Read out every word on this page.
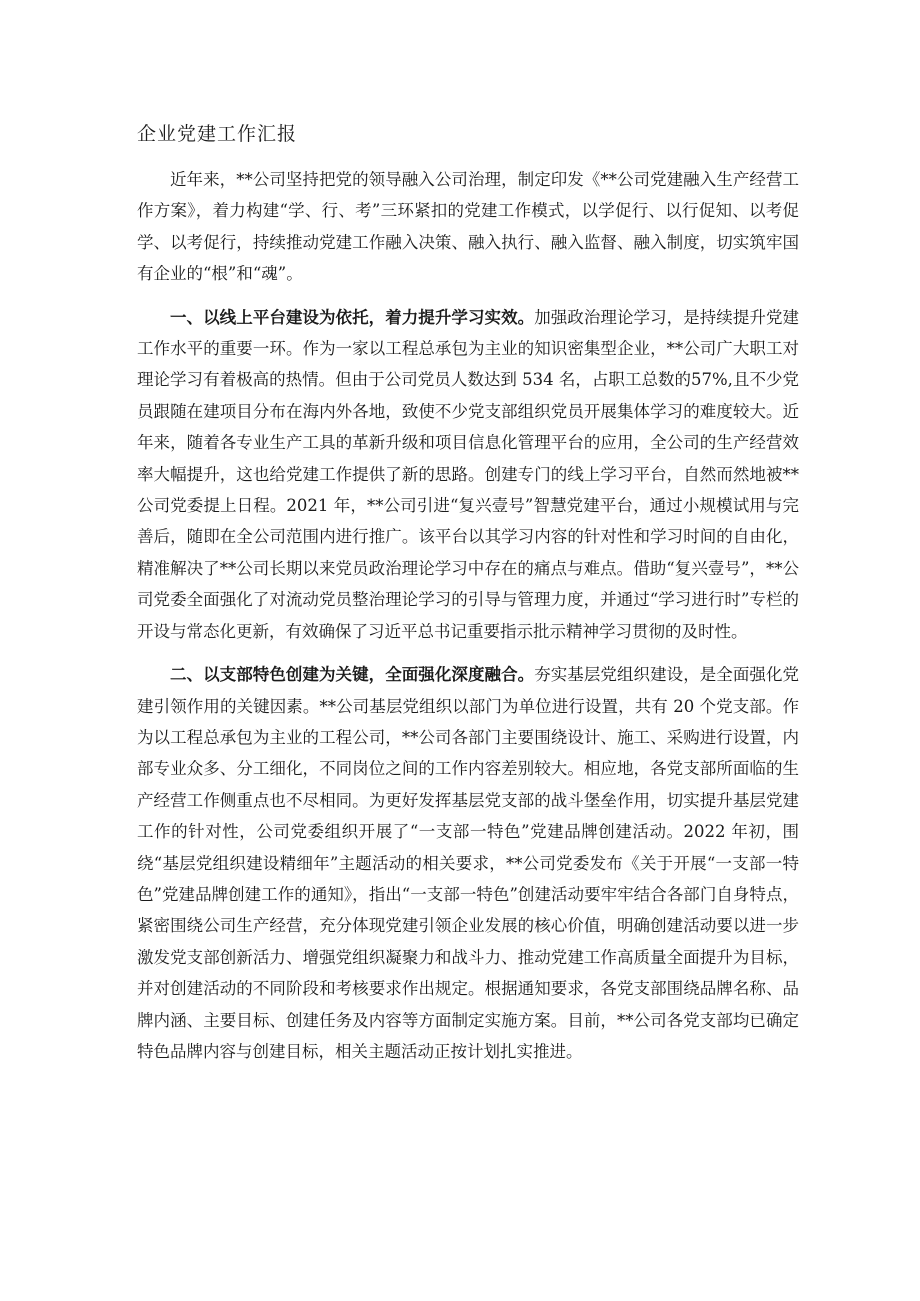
企业党建工作汇报

近年来，**公司坚持把党的领导融入公司治理，制定印发《**公司党建融入生产经营工作方案》，着力构建“学、行、考”三环紧扣的党建工作模式，以学促行、以行促知、以考促学、以考促行，持续推动党建工作融入决策、融入执行、融入监督、融入制度，切实筑牢国有企业的“根”和“魂”。

一、以线上平台建设为依托，着力提升学习实效。加强政治理论学习，是持续提升党建工作水平的重要一环。作为一家以工程总承包为主业的知识密集型企业，**公司广大职工对理论学习有着极高的热情。但由于公司党员人数达到 534 名，占职工总数的57%,且不少党员跟随在建项目分布在海内外各地，致使不少党支部组织党员开展集体学习的难度较大。近年来，随着各专业生产工具的革新升级和项目信息化管理平台的应用，全公司的生产经营效率大幅提升，这也给党建工作提供了新的思路。创建专门的线上学习平台，自然而然地被**公司党委提上日程。2021 年，**公司引进“复兴壹号”智慧党建平台，通过小规模试用与完善后，随即在全公司范围内进行推广。该平台以其学习内容的针对性和学习时间的自由化，精准解决了**公司长期以来党员政治理论学习中存在的痛点与难点。借助“复兴壹号”，**公司党委全面强化了对流动党员整治理论学习的引导与管理力度，并通过“学习进行时”专栏的开设与常态化更新，有效确保了习近平总书记重要指示批示精神学习贯彻的及时性。

二、以支部特色创建为关键，全面强化深度融合。夯实基层党组织建设，是全面强化党建引领作用的关键因素。**公司基层党组织以部门为单位进行设置，共有 20 个党支部。作为以工程总承包为主业的工程公司，**公司各部门主要围绕设计、施工、采购进行设置，内部专业众多、分工细化，不同岗位之间的工作内容差别较大。相应地，各党支部所面临的生产经营工作侧重点也不尽相同。为更好发挥基层党支部的战斗堡垒作用，切实提升基层党建工作的针对性，公司党委组织开展了“一支部一特色”党建品牌创建活动。2022 年初，围绕“基层党组织建设精细年”主题活动的相关要求，**公司党委发布《关于开展“一支部一特色”党建品牌创建工作的通知》，指出“一支部一特色”创建活动要牢牢结合各部门自身特点，紧密围绕公司生产经营，充分体现党建引领企业发展的核心价值，明确创建活动要以进一步激发党支部创新活力、增强党组织凝聚力和战斗力、推动党建工作高质量全面提升为目标，并对创建活动的不同阶段和考核要求作出规定。根据通知要求，各党支部围绕品牌名称、品牌内涵、主要目标、创建任务及内容等方面制定实施方案。目前，**公司各党支部均已确定特色品牌内容与创建目标，相关主题活动正按计划扎实推进。
